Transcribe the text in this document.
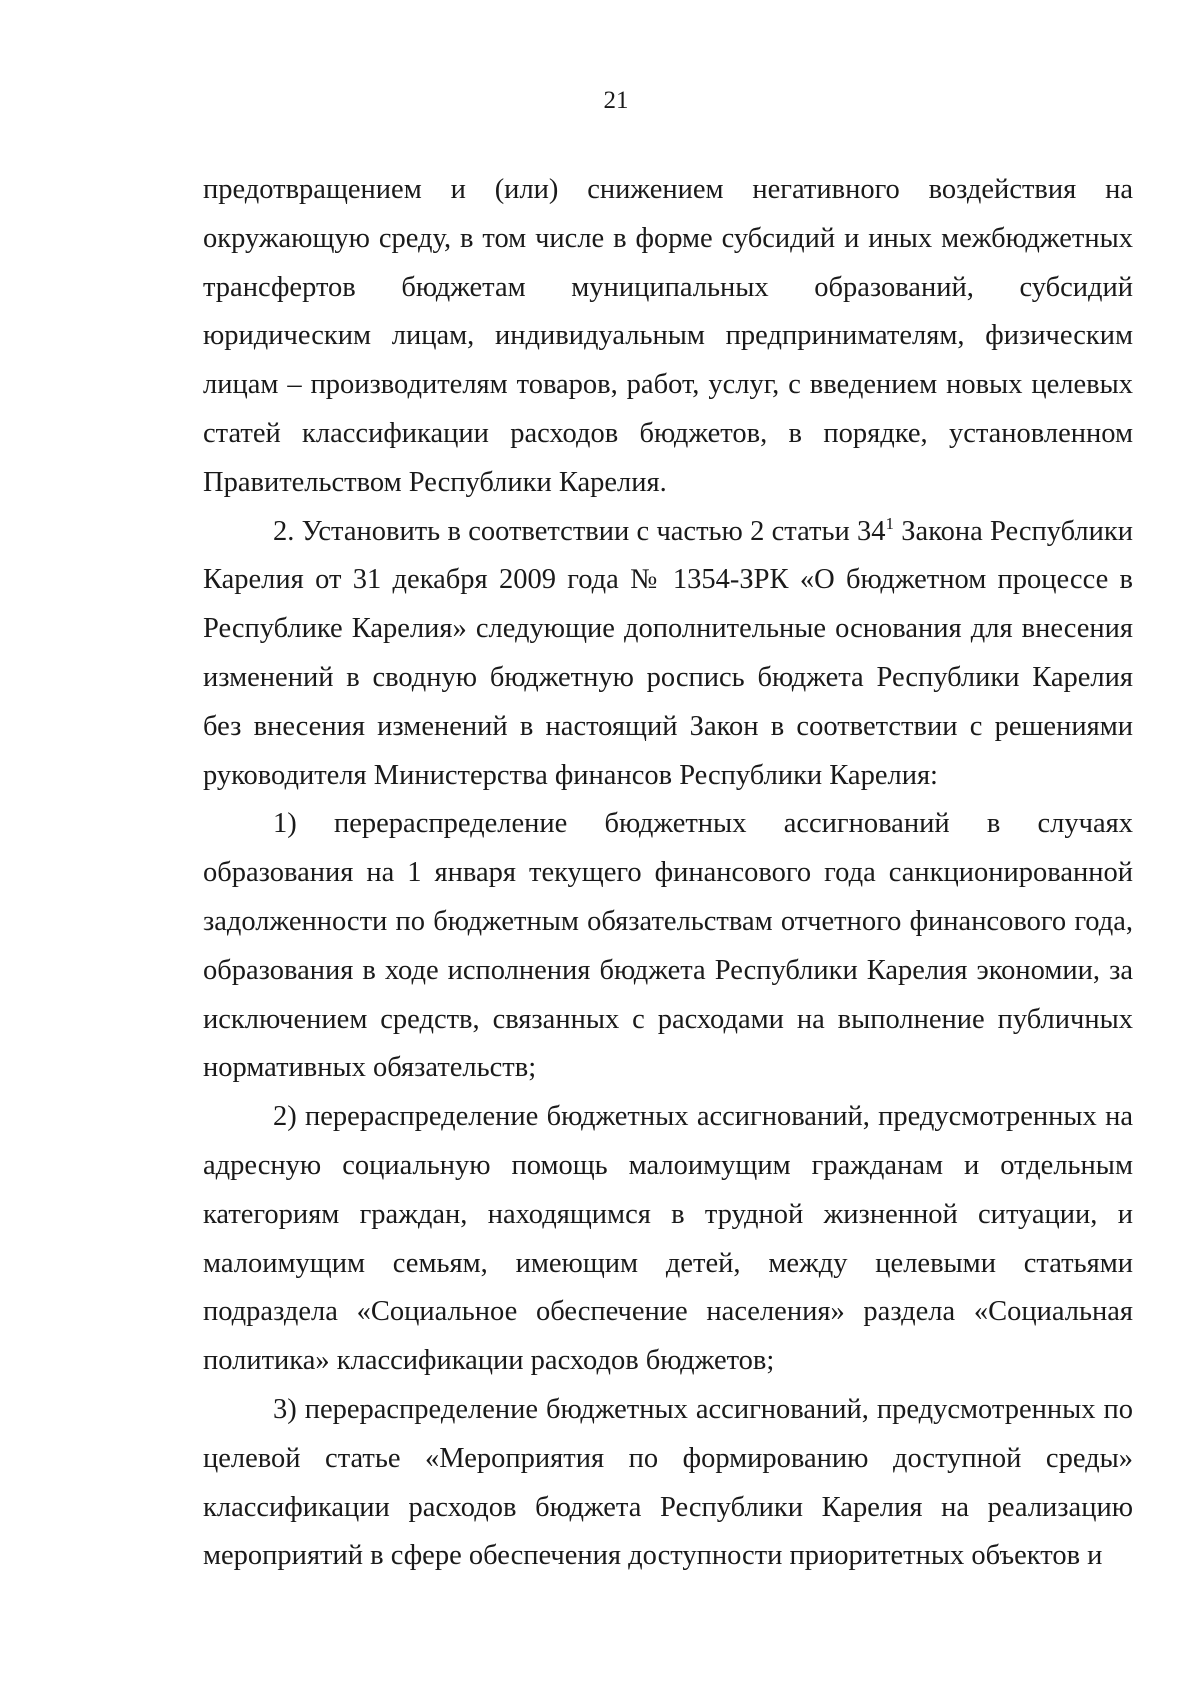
21

предотвращением и (или) снижением негативного воздействия на окружающую среду, в том числе в форме субсидий и иных межбюджетных трансфертов бюджетам муниципальных образований, субсидий юридическим лицам, индивидуальным предпринимателям, физическим лицам – производителям товаров, работ, услуг, с введением новых целевых статей классификации расходов бюджетов, в порядке, установленном Правительством Республики Карелия.

2. Установить в соответствии с частью 2 статьи $34^1$ Закона Республики Карелия от 31 декабря 2009 года № 1354-ЗРК «О бюджетном процессе в Республике Карелия» следующие дополнительные основания для внесения изменений в сводную бюджетную роспись бюджета Республики Карелия без внесения изменений в настоящий Закон в соответствии с решениями руководителя Министерства финансов Республики Карелия:

1) перераспределение бюджетных ассигнований в случаях образования на 1 января текущего финансового года санкционированной задолженности по бюджетным обязательствам отчетного финансового года, образования в ходе исполнения бюджета Республики Карелия экономии, за исключением средств, связанных с расходами на выполнение публичных нормативных обязательств;

2) перераспределение бюджетных ассигнований, предусмотренных на адресную социальную помощь малоимущим гражданам и отдельным категориям граждан, находящимся в трудной жизненной ситуации, и малоимущим семьям, имеющим детей, между целевыми статьями подраздела «Социальное обеспечение населения» раздела «Социальная политика» классификации расходов бюджетов;

3) перераспределение бюджетных ассигнований, предусмотренных по целевой статье «Мероприятия по формированию доступной среды» классификации расходов бюджета Республики Карелия на реализацию мероприятий в сфере обеспечения доступности приоритетных объектов и
